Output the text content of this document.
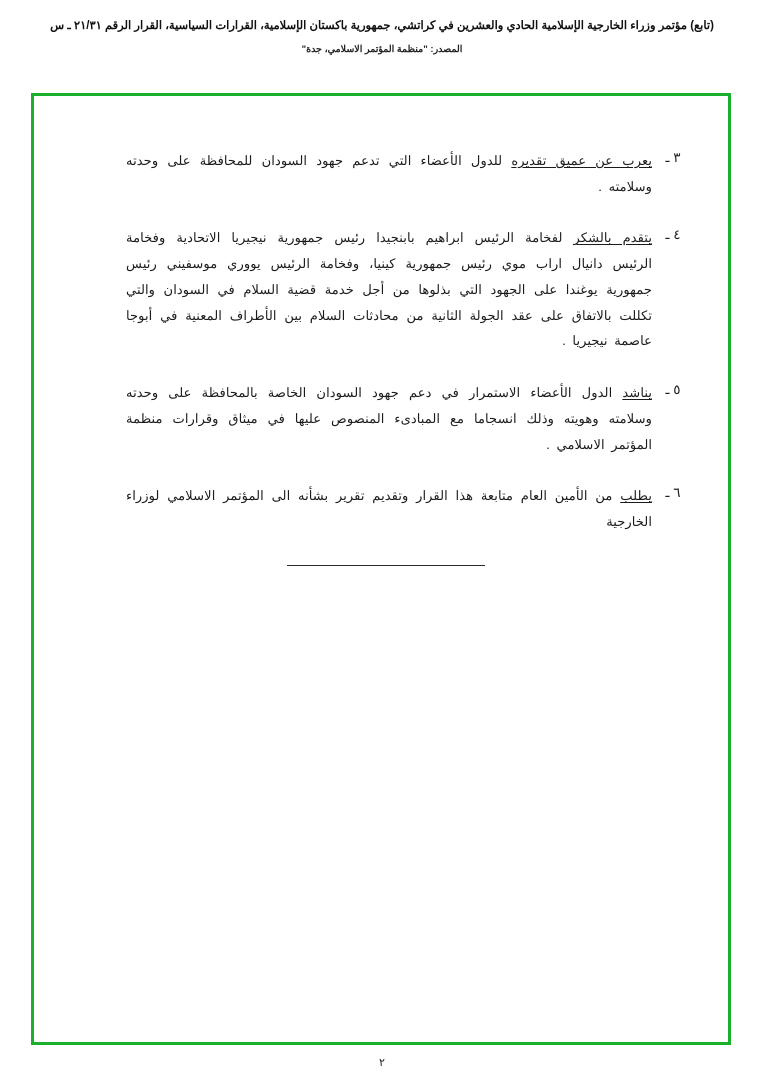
(تابع) مؤتمر وزراء الخارجية الإسلامية الحادي والعشرين في كراتشي، جمهورية باكستان الإسلامية، القرارات السياسية، القرار الرقم ٢١/٣١ ـ س
المصدر: "منظمة المؤتمر الاسلامي، جدة"
٣ ـ
يعرب عن عميق تقديره للدول الأعضاء التي تدعم جهود السودان للمحافظة على وحدته وسلامته .
٤ ـ
يتقدم بالشكر لفخامة الرئيس ابراهيم بابنجيدا رئيس جمهورية نيجيريا الاتحادية وفخامة الرئيس دانيال اراب موي رئيس جمهورية كينيا، وفخامة الرئيس يووري موسفيني رئيس جمهورية يوغندا على الجهود التي بذلوها من أجل خدمة قضية السلام في السودان والتي تكللت بالاتفاق على عقد الجولة الثانية من محادثات السلام بين الأطراف المعنية في أبوجا عاصمة نيجيريا .
٥ ـ
يناشد الدول الأعضاء الاستمرار في دعم جهود السودان الخاصة بالمحافظة على وحدته وسلامته وهويته وذلك انسجاما مع المبادىء المنصوص عليها في ميثاق وقرارات منظمة المؤتمر الاسلامي .
٦ ـ
يطلب من الأمين العام متابعة هذا القرار وتقديم تقرير بشأنه الى المؤتمر الاسلامي لوزراء الخارجية
٢
